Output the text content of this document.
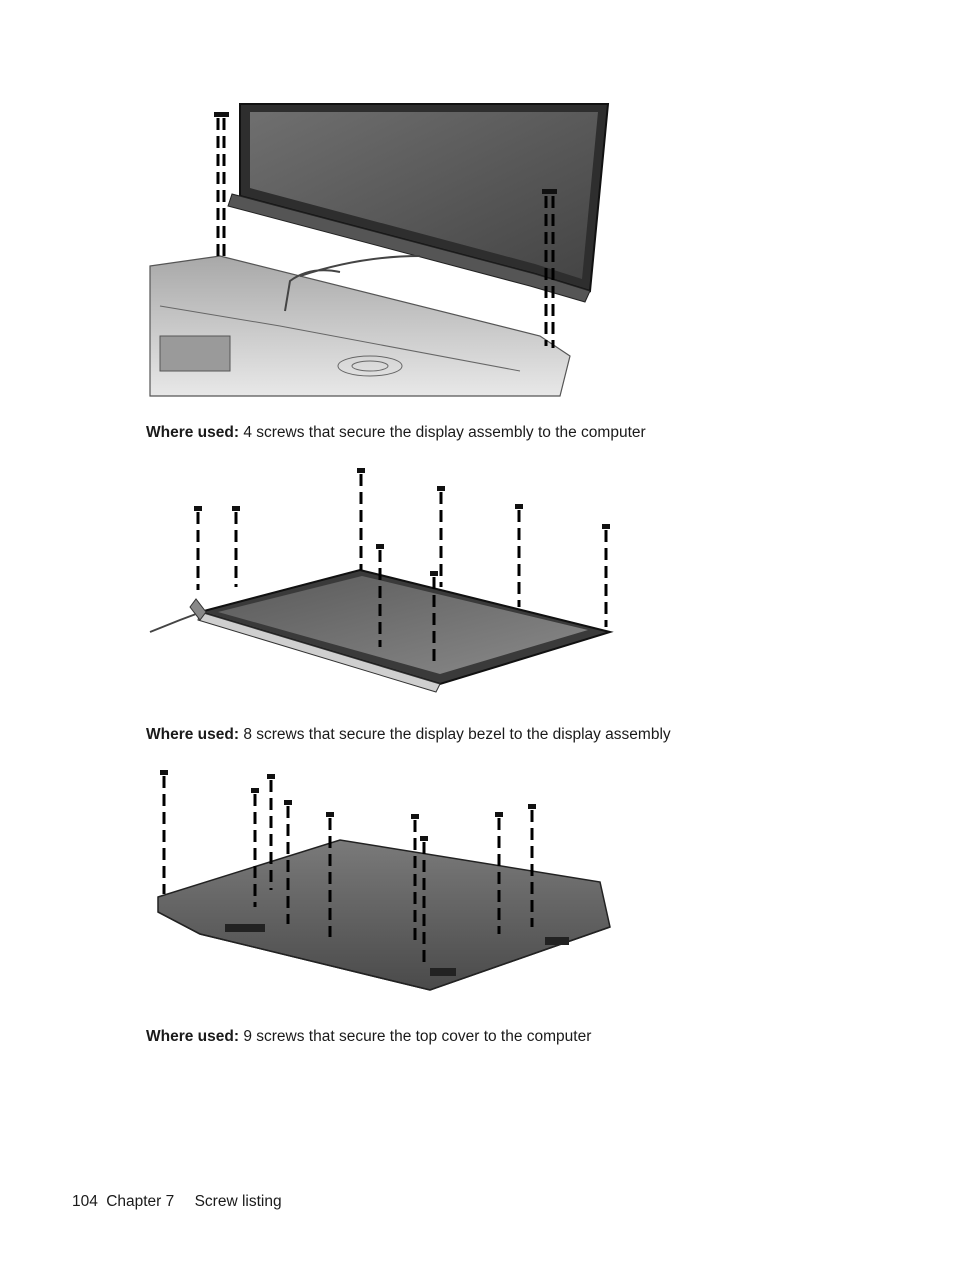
Where used: 4 screws that secure the display assembly to the computer
Where used: 8 screws that secure the display bezel to the display assembly
Where used: 9 screws that secure the top cover to the computer
104 Chapter 7 Screw listing
